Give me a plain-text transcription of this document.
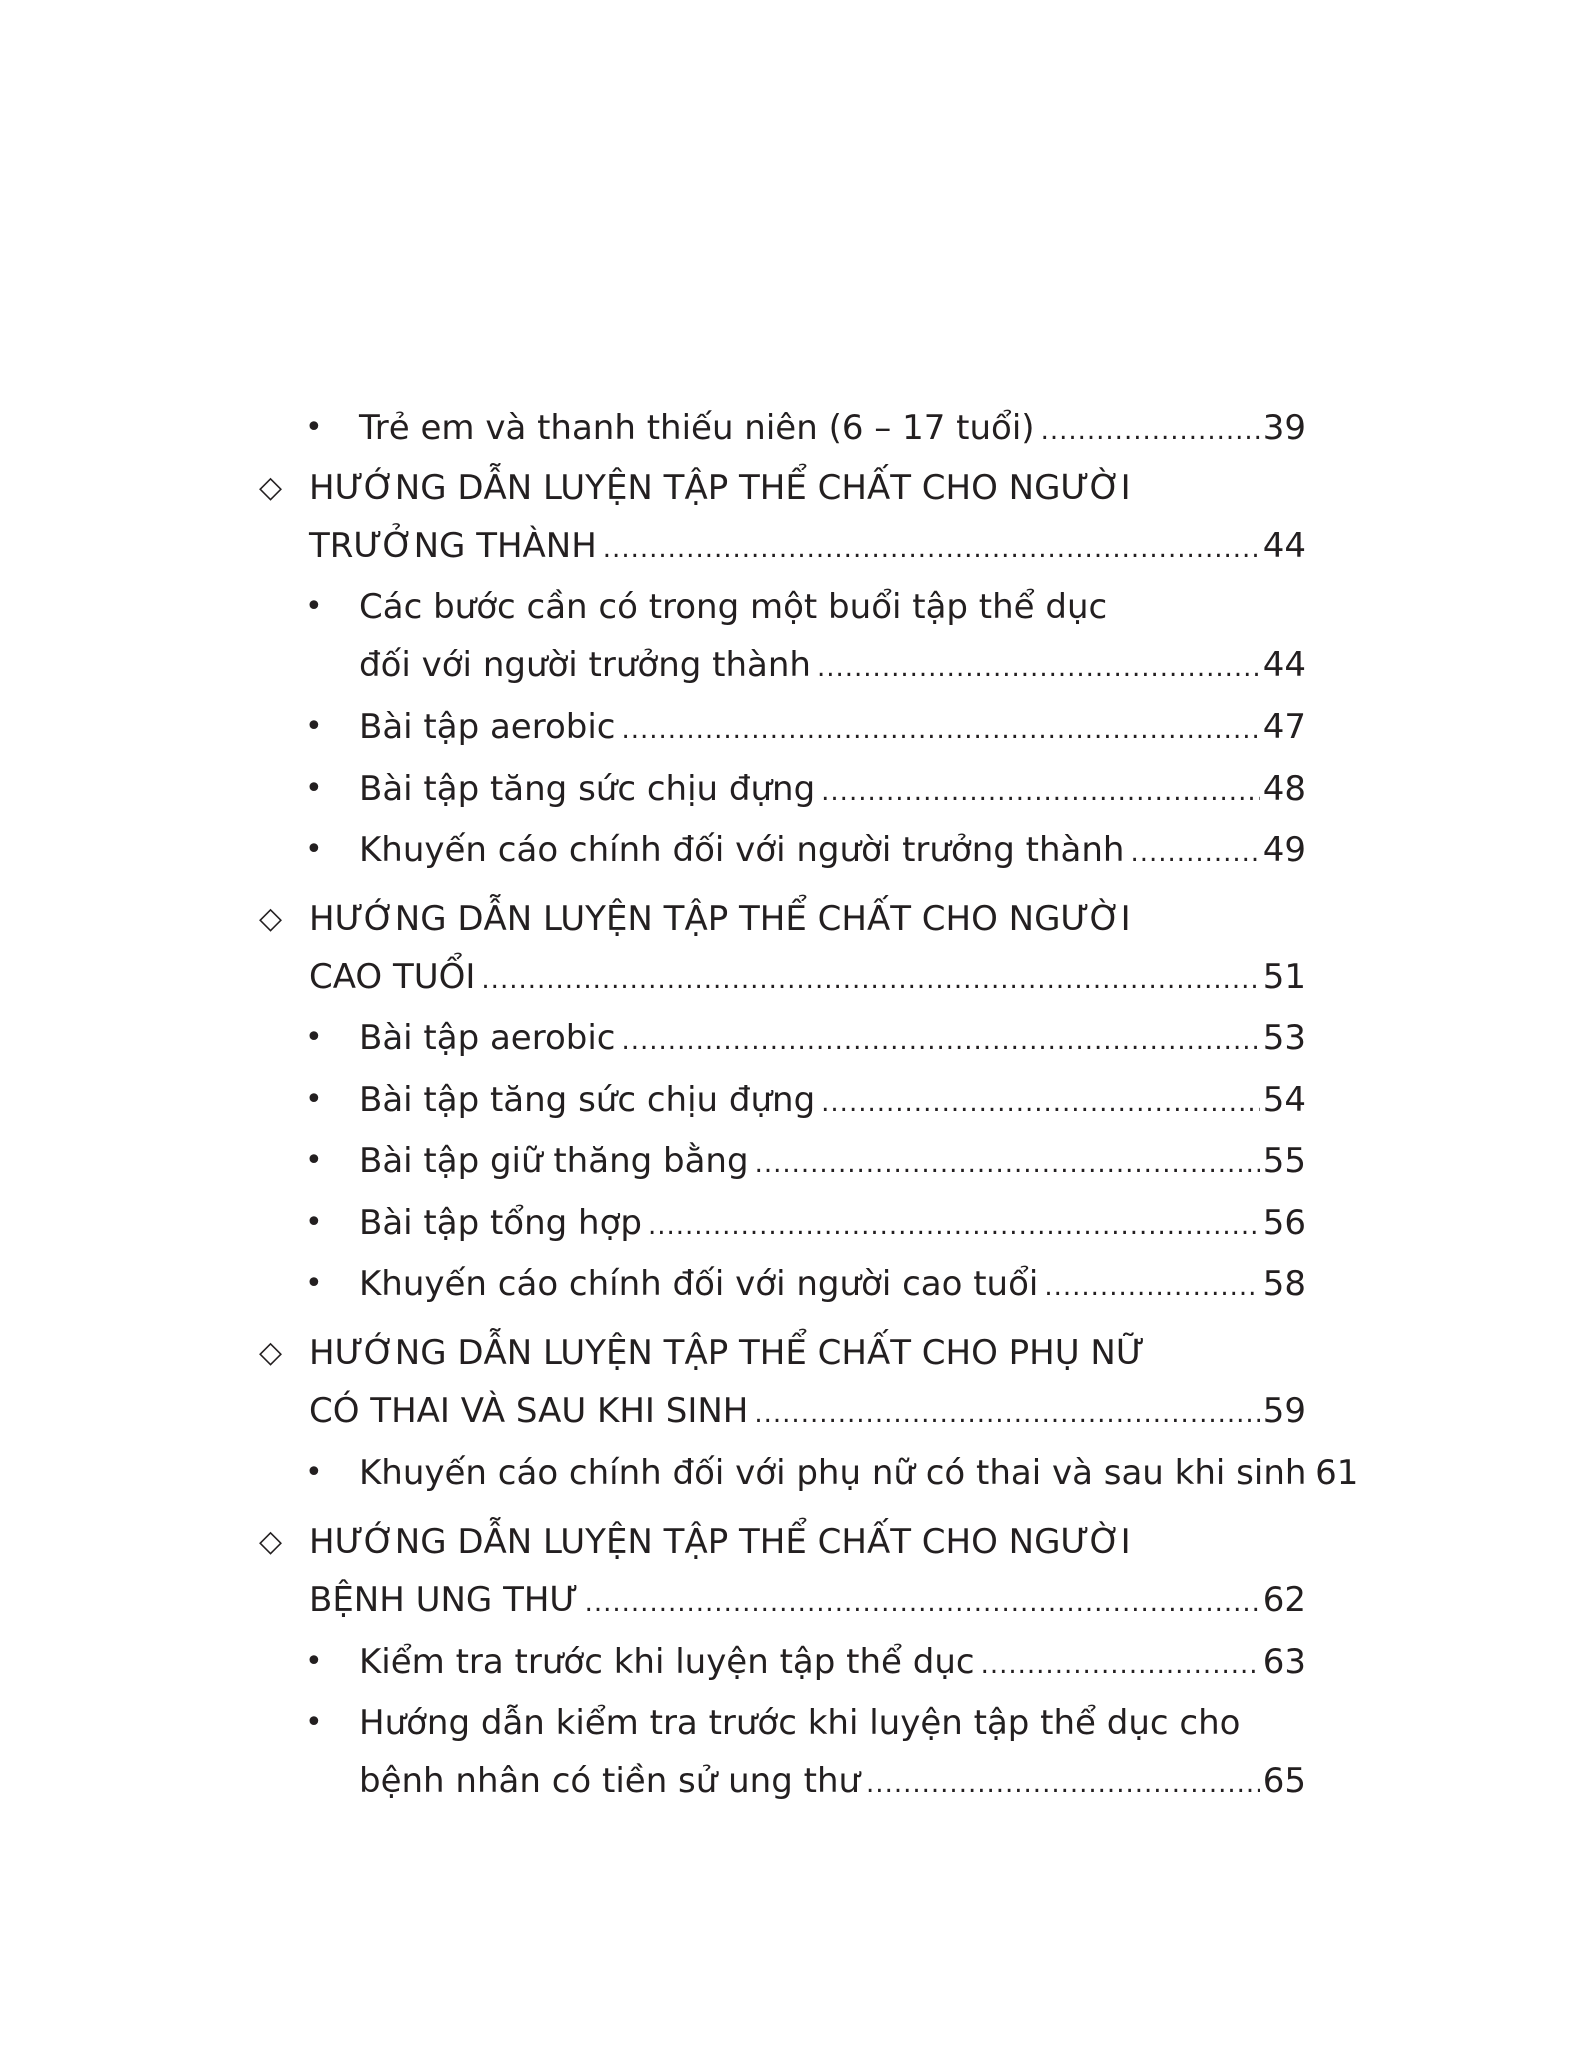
• Trẻ em và thanh thiếu niên (6 – 17 tuổi) .....	39
◇ HƯỚNG DẪN LUYỆN TẬP THỂ CHẤT CHO NGƯỜI
TRƯỞNG THÀNH .....	44
• Các bước cần có trong một buổi tập thể dục
đối với người trưởng thành .....	44
• Bài tập aerobic .....	47
• Bài tập tăng sức chịu đựng .....	48
• Khuyến cáo chính đối với người trưởng thành .....	49
◇ HƯỚNG DẪN LUYỆN TẬP THỂ CHẤT CHO NGƯỜI
CAO TUỔI .....	51
• Bài tập aerobic .....	53
• Bài tập tăng sức chịu đựng .....	54
• Bài tập giữ thăng bằng .....	55
• Bài tập tổng hợp .....	56
• Khuyến cáo chính đối với người cao tuổi .....	58
◇ HƯỚNG DẪN LUYỆN TẬP THỂ CHẤT CHO PHỤ NỮ
CÓ THAI VÀ SAU KHI SINH .....	59
• Khuyến cáo chính đối với phụ nữ có thai và sau khi sinh 61
◇ HƯỚNG DẪN LUYỆN TẬP THỂ CHẤT CHO NGƯỜI
BỆNH UNG THƯ .....	62
• Kiểm tra trước khi luyện tập thể dục .....	63
• Hướng dẫn kiểm tra trước khi luyện tập thể dục cho
bệnh nhân có tiền sử ung thư .....	65
